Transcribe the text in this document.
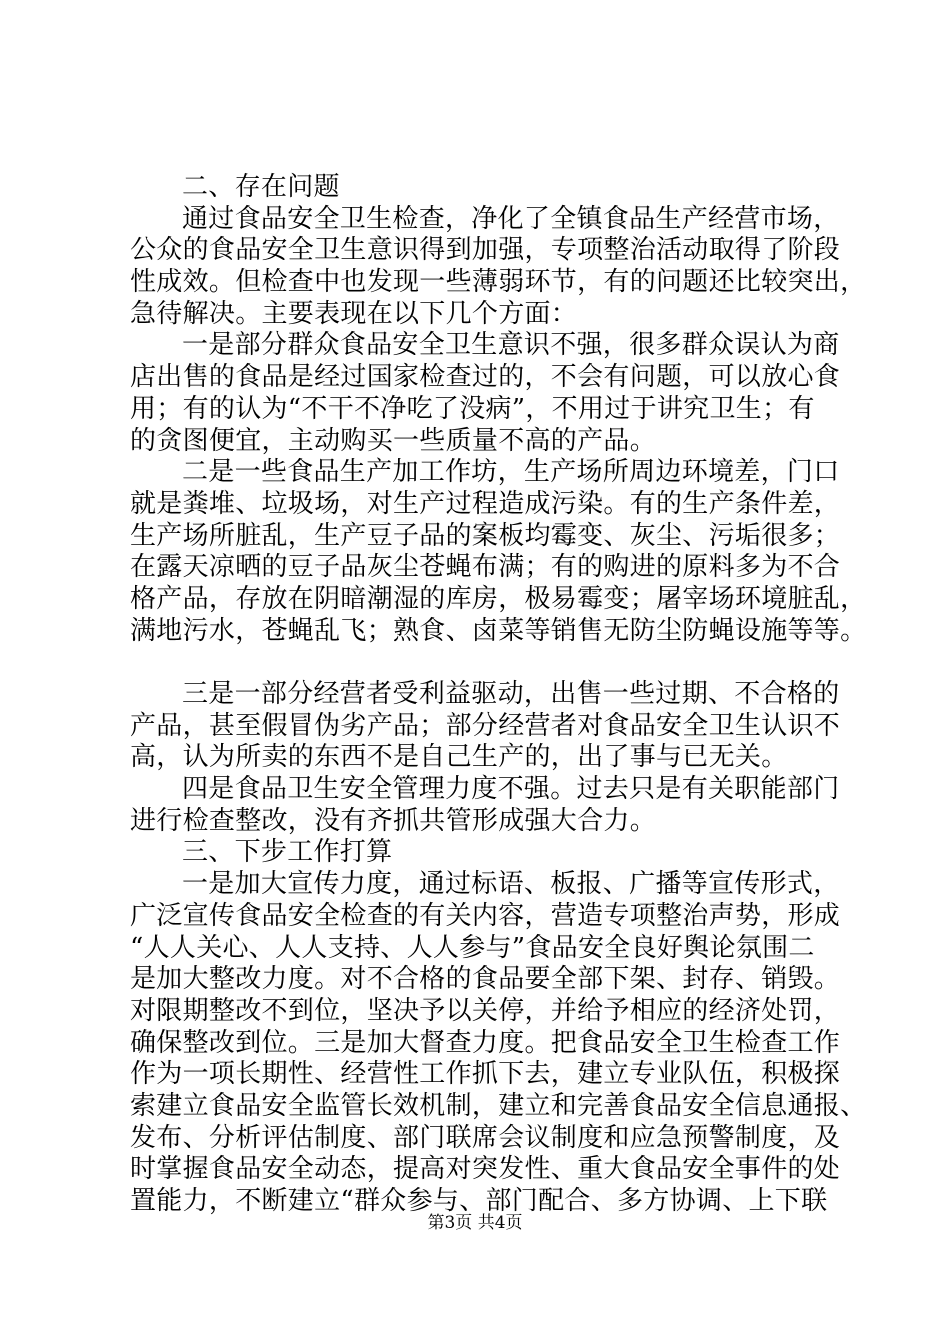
二、存在问题
通过食品安全卫生检查，净化了全镇食品生产经营市场，
公众的食品安全卫生意识得到加强，专项整治活动取得了阶段
性成效。但检查中也发现一些薄弱环节，有的问题还比较突出，
急待解决。主要表现在以下几个方面：
一是部分群众食品安全卫生意识不强，很多群众误认为商
店出售的食品是经过国家检查过的，不会有问题，可以放心食
用；有的认为“不干不净吃了没病”，不用过于讲究卫生；有
的贪图便宜，主动购买一些质量不高的产品。
二是一些食品生产加工作坊，生产场所周边环境差，门口
就是粪堆、垃圾场，对生产过程造成污染。有的生产条件差，
生产场所脏乱，生产豆子品的案板均霉变、灰尘、污垢很多；
在露天凉晒的豆子品灰尘苍蝇布满；有的购进的原料多为不合
格产品，存放在阴暗潮湿的库房，极易霉变；屠宰场环境脏乱，
满地污水，苍蝇乱飞；熟食、卤菜等销售无防尘防蝇设施等等。
三是一部分经营者受利益驱动，出售一些过期、不合格的
产品，甚至假冒伪劣产品；部分经营者对食品安全卫生认识不
高，认为所卖的东西不是自己生产的，出了事与已无关。
四是食品卫生安全管理力度不强。过去只是有关职能部门
进行检查整改，没有齐抓共管形成强大合力。
三、下步工作打算
一是加大宣传力度，通过标语、板报、广播等宣传形式，
广泛宣传食品安全检查的有关内容，营造专项整治声势，形成
“人人关心、人人支持、人人参与”食品安全良好舆论氛围二
是加大整改力度。对不合格的食品要全部下架、封存、销毁。
对限期整改不到位，坚决予以关停，并给予相应的经济处罚，
确保整改到位。三是加大督查力度。把食品安全卫生检查工作
作为一项长期性、经营性工作抓下去，建立专业队伍，积极探
索建立食品安全监管长效机制，建立和完善食品安全信息通报、
发布、分析评估制度、部门联席会议制度和应急预警制度，及
时掌握食品安全动态，提高对突发性、重大食品安全事件的处
置能力，不断建立“群众参与、部门配合、多方协调、上下联
第3页 共4页
